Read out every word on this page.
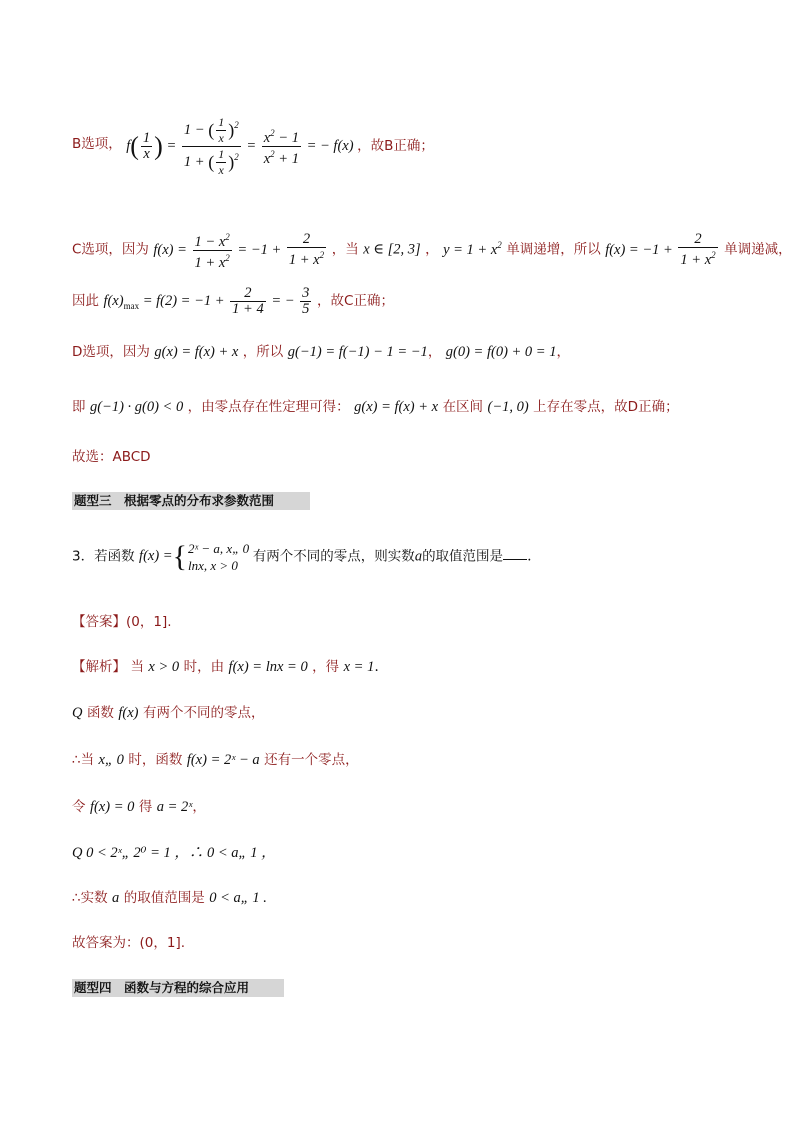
B选项， $f( \frac{1}{x}$ ) = $\frac{1 - ( \frac{1}{x} )^2}{1 + ( \frac{1}{x} )^2} = \frac{x^2 - 1}{x^2 + 1}$ = − f(x) ，故B正确；
C选项，因为 $f(x) = \frac{1 - x^2}{1 + x^2} = -1 + \frac{2}{1 + x^2}$ ，当 x ∈ [2, 3] ， $y = 1 + x^2$ 单调递增，所以 $f(x) = -1 + \frac{2}{1 + x^2}$ 单调递减，
因此 $f(x)_{max} = f(2) = -1 + \frac{2}{1 + 4}$ = − $\frac{3}{5}$ ，故C正确；
D选项，因为 g(x) = f(x) + x ，所以 g(−1) = f(−1) − 1 = −1， g(0) = f(0) + 0 = 1，
即 g(−1) · g(0) < 0 ，由零点存在性定理可得： g(x) = f(x) + x 在区间 (−1, 0) 上存在零点，故D正确；
故选：ABCD
题型三　根据零点的分布求参数范围
3．若函数 f(x) ={ 2ˣ − a, x„ 0
lnx, x > 0
有两个不同的零点，则实数a的取值范围是 .
【答案】(0，1].
【解析】 当 x > 0 时，由 f(x) = lnx = 0 ，得 x = 1.
Q 函数 f(x) 有两个不同的零点，
∴当 x„ 0 时，函数 f(x) = 2ˣ − a 还有一个零点，
令 f(x) = 0 得 a = 2ˣ，
Q 0 < 2ˣ„ 2⁰ = 1 ，∴ 0 < a„ 1 ，
∴实数 a 的取值范围是 0 < a„ 1 .
故答案为：(0，1].
题型四　函数与方程的综合应用
